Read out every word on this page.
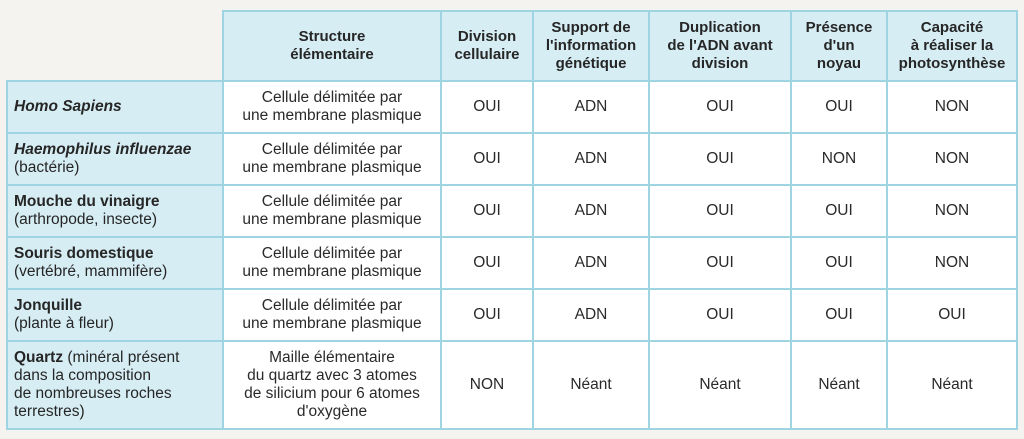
	Structure
élémentaire	Division
cellulaire	Support de
l'information
génétique	Duplication
de l'ADN avant
division	Présence
d'un
noyau	Capacité
à réaliser la
photosynthèse
Homo Sapiens	Cellule délimitée par
une membrane plasmique	OUI	ADN	OUI	OUI	NON
Haemophilus influenzae
(bactérie)	Cellule délimitée par
une membrane plasmique	OUI	ADN	OUI	NON	NON
Mouche du vinaigre
(arthropode, insecte)	Cellule délimitée par
une membrane plasmique	OUI	ADN	OUI	OUI	NON
Souris domestique
(vertébré, mammifère)	Cellule délimitée par
une membrane plasmique	OUI	ADN	OUI	OUI	NON
Jonquille
(plante à fleur)	Cellule délimitée par
une membrane plasmique	OUI	ADN	OUI	OUI	OUI
Quartz (minéral présent
dans la composition
de nombreuses roches
terrestres)	Maille élémentaire
du quartz avec 3 atomes
de silicium pour 6 atomes
d'oxygène	NON	Néant	Néant	Néant	Néant
